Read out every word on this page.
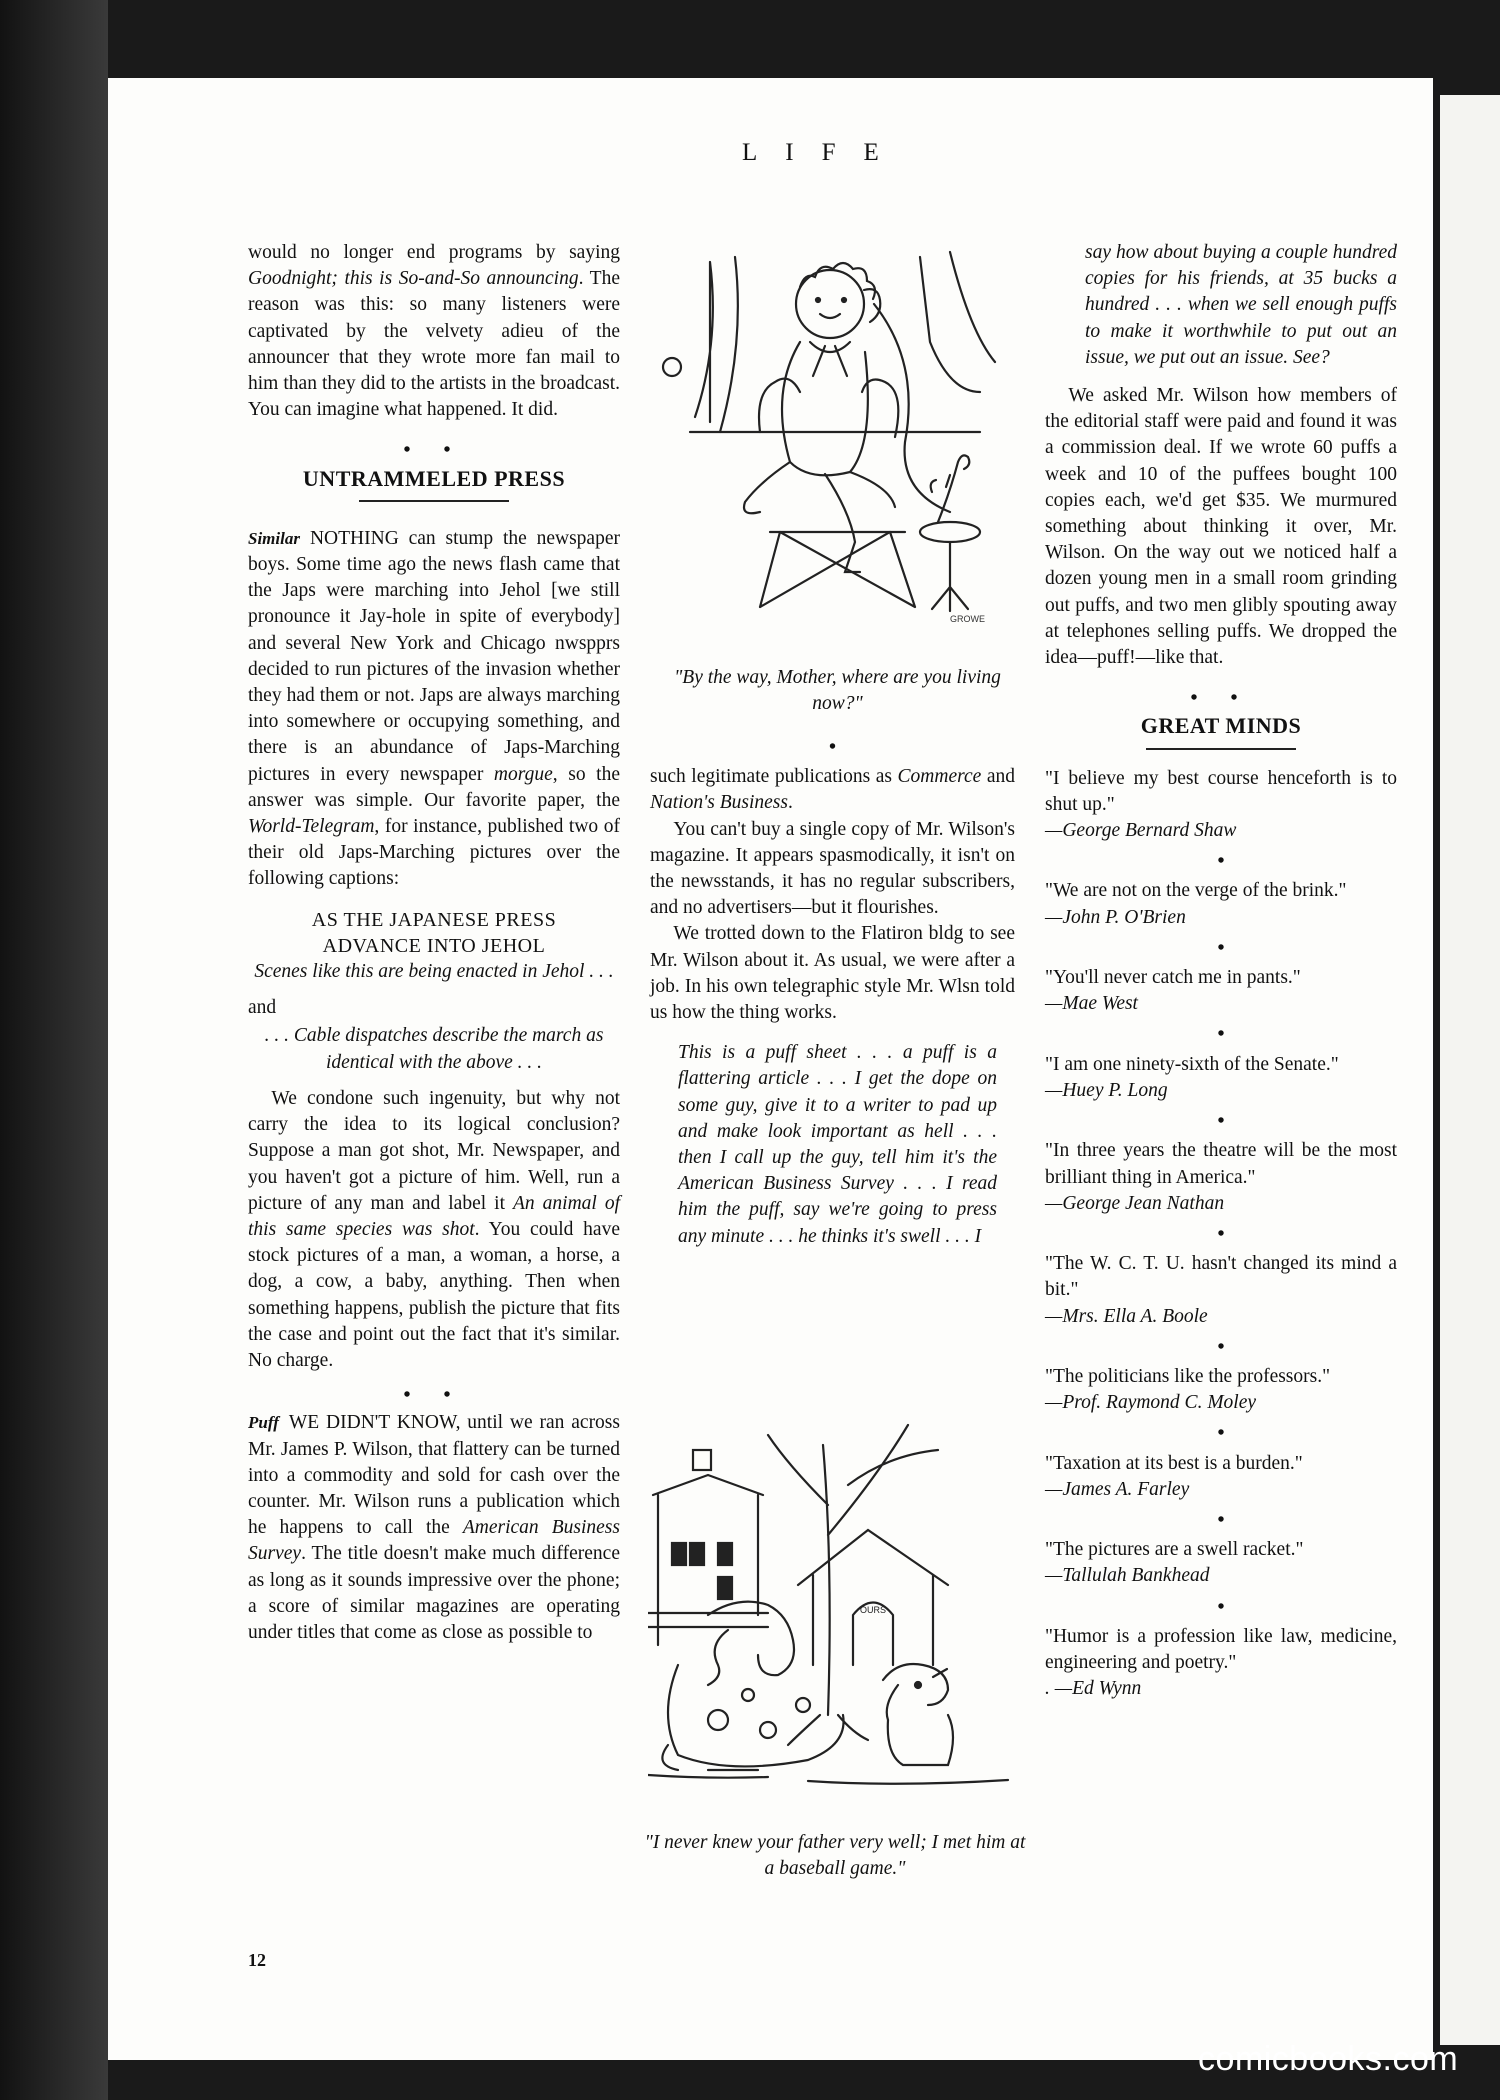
LIFE

would no longer end programs by saying Goodnight; this is So-and-So announcing. The reason was this: so many listeners were captivated by the velvety adieu of the announcer that they wrote more fan mail to him than they did to the artists in the broadcast. You can imagine what happened. It did.

• •
UNTRAMMELED PRESS

Similar NOTHING can stump the newspaper boys. Some time ago the news flash came that the Japs were marching into Jehol [we still pronounce it Jay-hole in spite of everybody] and several New York and Chicago nwspprs decided to run pictures of the invasion whether they had them or not. Japs are always marching into somewhere or occupying something, and there is an abundance of Japs-Marching pictures in every newspaper morgue, so the answer was simple. Our favorite paper, the World-Telegram, for instance, published two of their old Japs-Marching pictures over the following captions:

AS THE JAPANESE PRESS
ADVANCE INTO JEHOL
Scenes like this are being enacted in Jehol . . .

and

. . . Cable dispatches describe the march as identical with the above . . .

We condone such ingenuity, but why not carry the idea to its logical conclusion? Suppose a man got shot, Mr. Newspaper, and you haven't got a picture of him. Well, run a picture of any man and label it An animal of this same species was shot. You could have stock pictures of a man, a woman, a horse, a dog, a cow, a baby, anything. Then when something happens, publish the picture that fits the case and point out the fact that it's similar. No charge.

• •

Puff WE DIDN'T KNOW, until we ran across Mr. James P. Wilson, that flattery can be turned into a commodity and sold for cash over the counter. Mr. Wilson runs a publication which he happens to call the American Business Survey. The title doesn't make much difference as long as it sounds impressive over the phone; a score of similar magazines are operating under titles that come as close as possible to

GROWE
"By the way, Mother, where are you living now?"
•

such legitimate publications as Commerce and Nation's Business.

You can't buy a single copy of Mr. Wilson's magazine. It appears spasmodically, it isn't on the newsstands, it has no regular subscribers, and no advertisers—but it flourishes.

We trotted down to the Flatiron bldg to see Mr. Wilson about it. As usual, we were after a job. In his own telegraphic style Mr. Wlsn told us how the thing works.

This is a puff sheet . . . a puff is a flattering article . . . I get the dope on some guy, give it to a writer to pad up and make look important as hell . . . then I call up the guy, tell him it's the American Business Survey . . . I read him the puff, say we're going to press any minute . . . he thinks it's swell . . . I

OURS
"I never knew your father very well; I met him at a baseball game."

say how about buying a couple hundred copies for his friends, at 35 bucks a hundred . . . when we sell enough puffs to make it worthwhile to put out an issue, we put out an issue. See?

We asked Mr. Wilson how members of the editorial staff were paid and found it was a commission deal. If we wrote 60 puffs a week and 10 of the puffees bought 100 copies each, we'd get $35. We murmured something about thinking it over, Mr. Wilson. On the way out we noticed half a dozen young men in a small room grinding out puffs, and two men glibly spouting away at telephones selling puffs. We dropped the idea—puff!—like that.

• •
GREAT MINDS

"I believe my best course henceforth is to shut up."

—George Bernard Shaw

•

"We are not on the verge of the brink."

—John P. O'Brien

•

"You'll never catch me in pants."

—Mae West

•

"I am one ninety-sixth of the Senate."

—Huey P. Long

•

"In three years the theatre will be the most brilliant thing in America."

—George Jean Nathan

•

"The W. C. T. U. hasn't changed its mind a bit."

—Mrs. Ella A. Boole

•

"The politicians like the professors."

—Prof. Raymond C. Moley

•

"Taxation at its best is a burden."

—James A. Farley

•

"The pictures are a swell racket."

—Tallulah Bankhead

•

"Humor is a profession like law, medicine, engineering and poetry."

. —Ed Wynn

12
comicbooks.com
